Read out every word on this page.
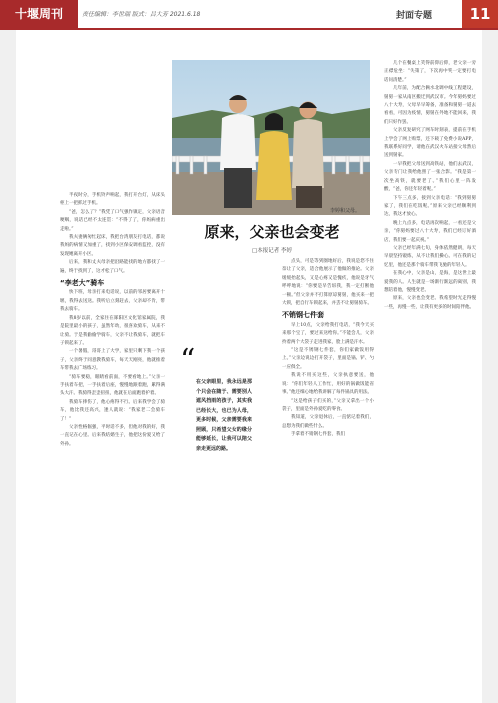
十堰周刊	责任编辑：李世瑞 版式：吕大芳 2021.6.18	封面专题	11
李婷和父母。
原来，父亲也会变老
□本报记者 李婷

半夜时分，手机铃声响起，我打开台灯，从床头柜上一把抓过手机。

“爸，怎么了？”我凭了口气强作镇定，父亲语音哽咽，说话已经不太连贯：“不得了了，你妈病重出走啦。”

我夫妻俩匆忙起床，我把台湾朋友打电话，都说我妈的病情又加重了，找到小区保安调看监控，没有发现她离开小区。

后来，我和丈夫母亲把沿路能找的地方都找了一遍，终于找到了，这才松了口气。

“李老大”骑车

快下班，母亲打来电话说，以前的邻居要离开十堰，我得去送送。我听后立刻赶去，父亲却不肯，带我去骑车。

我8岁以前，全家住在郧阳区文化馆家属院，我是院里最小的孩子，虽然年幼，很喜欢骑车，从来不让骑。于是我偷偷学骑车，父亲不让我骑车，就把车子锁起来了。

一个暑假，哥哥上了大学，家里只剩下我一个孩子，父亲终于同意教我骑车，每天天刚亮，他就推着车带我去广场练习。

“骑车要稳，眼睛看前面，不要看地上。”父亲一手扶着车把，一手扶着后座，慢慢地跟着跑，累得满头大汗。我骑得歪歪扭扭，他就在后面跑着护着。

我骑车摔伤了，他心疼得不行。后来我学会了骑车，他比我还高兴，逢人就说：“我家老二会骑车了！”

父亲性格倔强，平时话不多，但他对我的好，我一直记在心里。后来我结婚生子，他把这份爱又给了外孙。

“
在父亲眼里，我永远是那个只会在随于、需要别人遮风挡雨的孩子，其实我已经长大，也已为人母，更多时候，父亲需要我来照顾，只希望父女的缘分能够延长，让我可以陪父亲走更远的路。

点头，可是等到圈地好后，我说是您不住奈让了父亲，适合他展示了他做的推论。父亲缓缓抬起头，又是心疼又是愧疚，他说是牙气呼呼地说：“你要是早告诉我，我一定打断他一顿。”但父亲并不打算原谅舅舅，他买来一把大锁，把自行车锁起来，并丢不让舅舅骑车。

不销钢七件套

早上10点，父亲给我打电话，“我今天买来那个宝了，要过来送给你。”不能会儿，父亲拎着两个大袋子走进我家，脸上满是汗水。

“这是不锈钢七件套，你们家做饭用得上。”父亲边说边打开袋子，里面是锅、铲、勺一应俱全。

我说不用买这些，父亲执意要送，他说：“你们年轻人工作忙，用好的锅做饭能省事。”他还细心地给我讲解了每件锅具的用法。

“这是给孩子们买的，”父亲又拿出一个小袋子，里面是外孙爱吃的零食。

我知道，父亲退休后，一直惦记着我们，总想为我们做些什么。

手拿着不销钢七件套，我们

几个在餐桌上笑得前仰后仰，老父亲一旁正襟危坐：“失策了，下次再中奖一定要打电话问清楚。”

几年前，为配合俩水北调中线工程建设，舅舅一家从南区搬迁到武汉市。今年舅妈要过八十大寿，父母早早筹备，准备和舅舅一道去看看，可因为疫情，舅舅在外地不能回来，我们只好作罢。

父亲反复研究了网车时刻表，提前在手机上学会了网上购票，还下载了免费小说APP，我联系好同学，请他在武汉火车站接父母然后送到舅家。

一早我把父母送到高铁站，他们去武汉，父亲专门让我给他照了一张合影。“我是第一次坐高铁，就要老了。”我们心里一阵发酸，“爸，你还年轻着呢。”

下午三点多，接到父亲电话：“我到舅舅家了，我们在吃饭呢。”原来父亲已经顺利到达，我这才放心。

晚上九点多，电话再次响起，一看还是父亲，“你舅妈要过八十大寿，我们已经订好酒店，我们要一起庆祝。”

父亲已经年满七旬，身体依然健朗，每天早晨坚持锻炼，从不让我们操心。可在我的记忆里，他还是那个骑车带我飞驰的年轻人。

在我心中，父亲是山，是海，是这世上最爱我的人。人生就是一场渐行渐远的离别，我想陪着他，慢慢变老。

原来，父亲也会变老。我希望时光走得慢一些，再慢一些，让我有更多的时间陪伴他。
